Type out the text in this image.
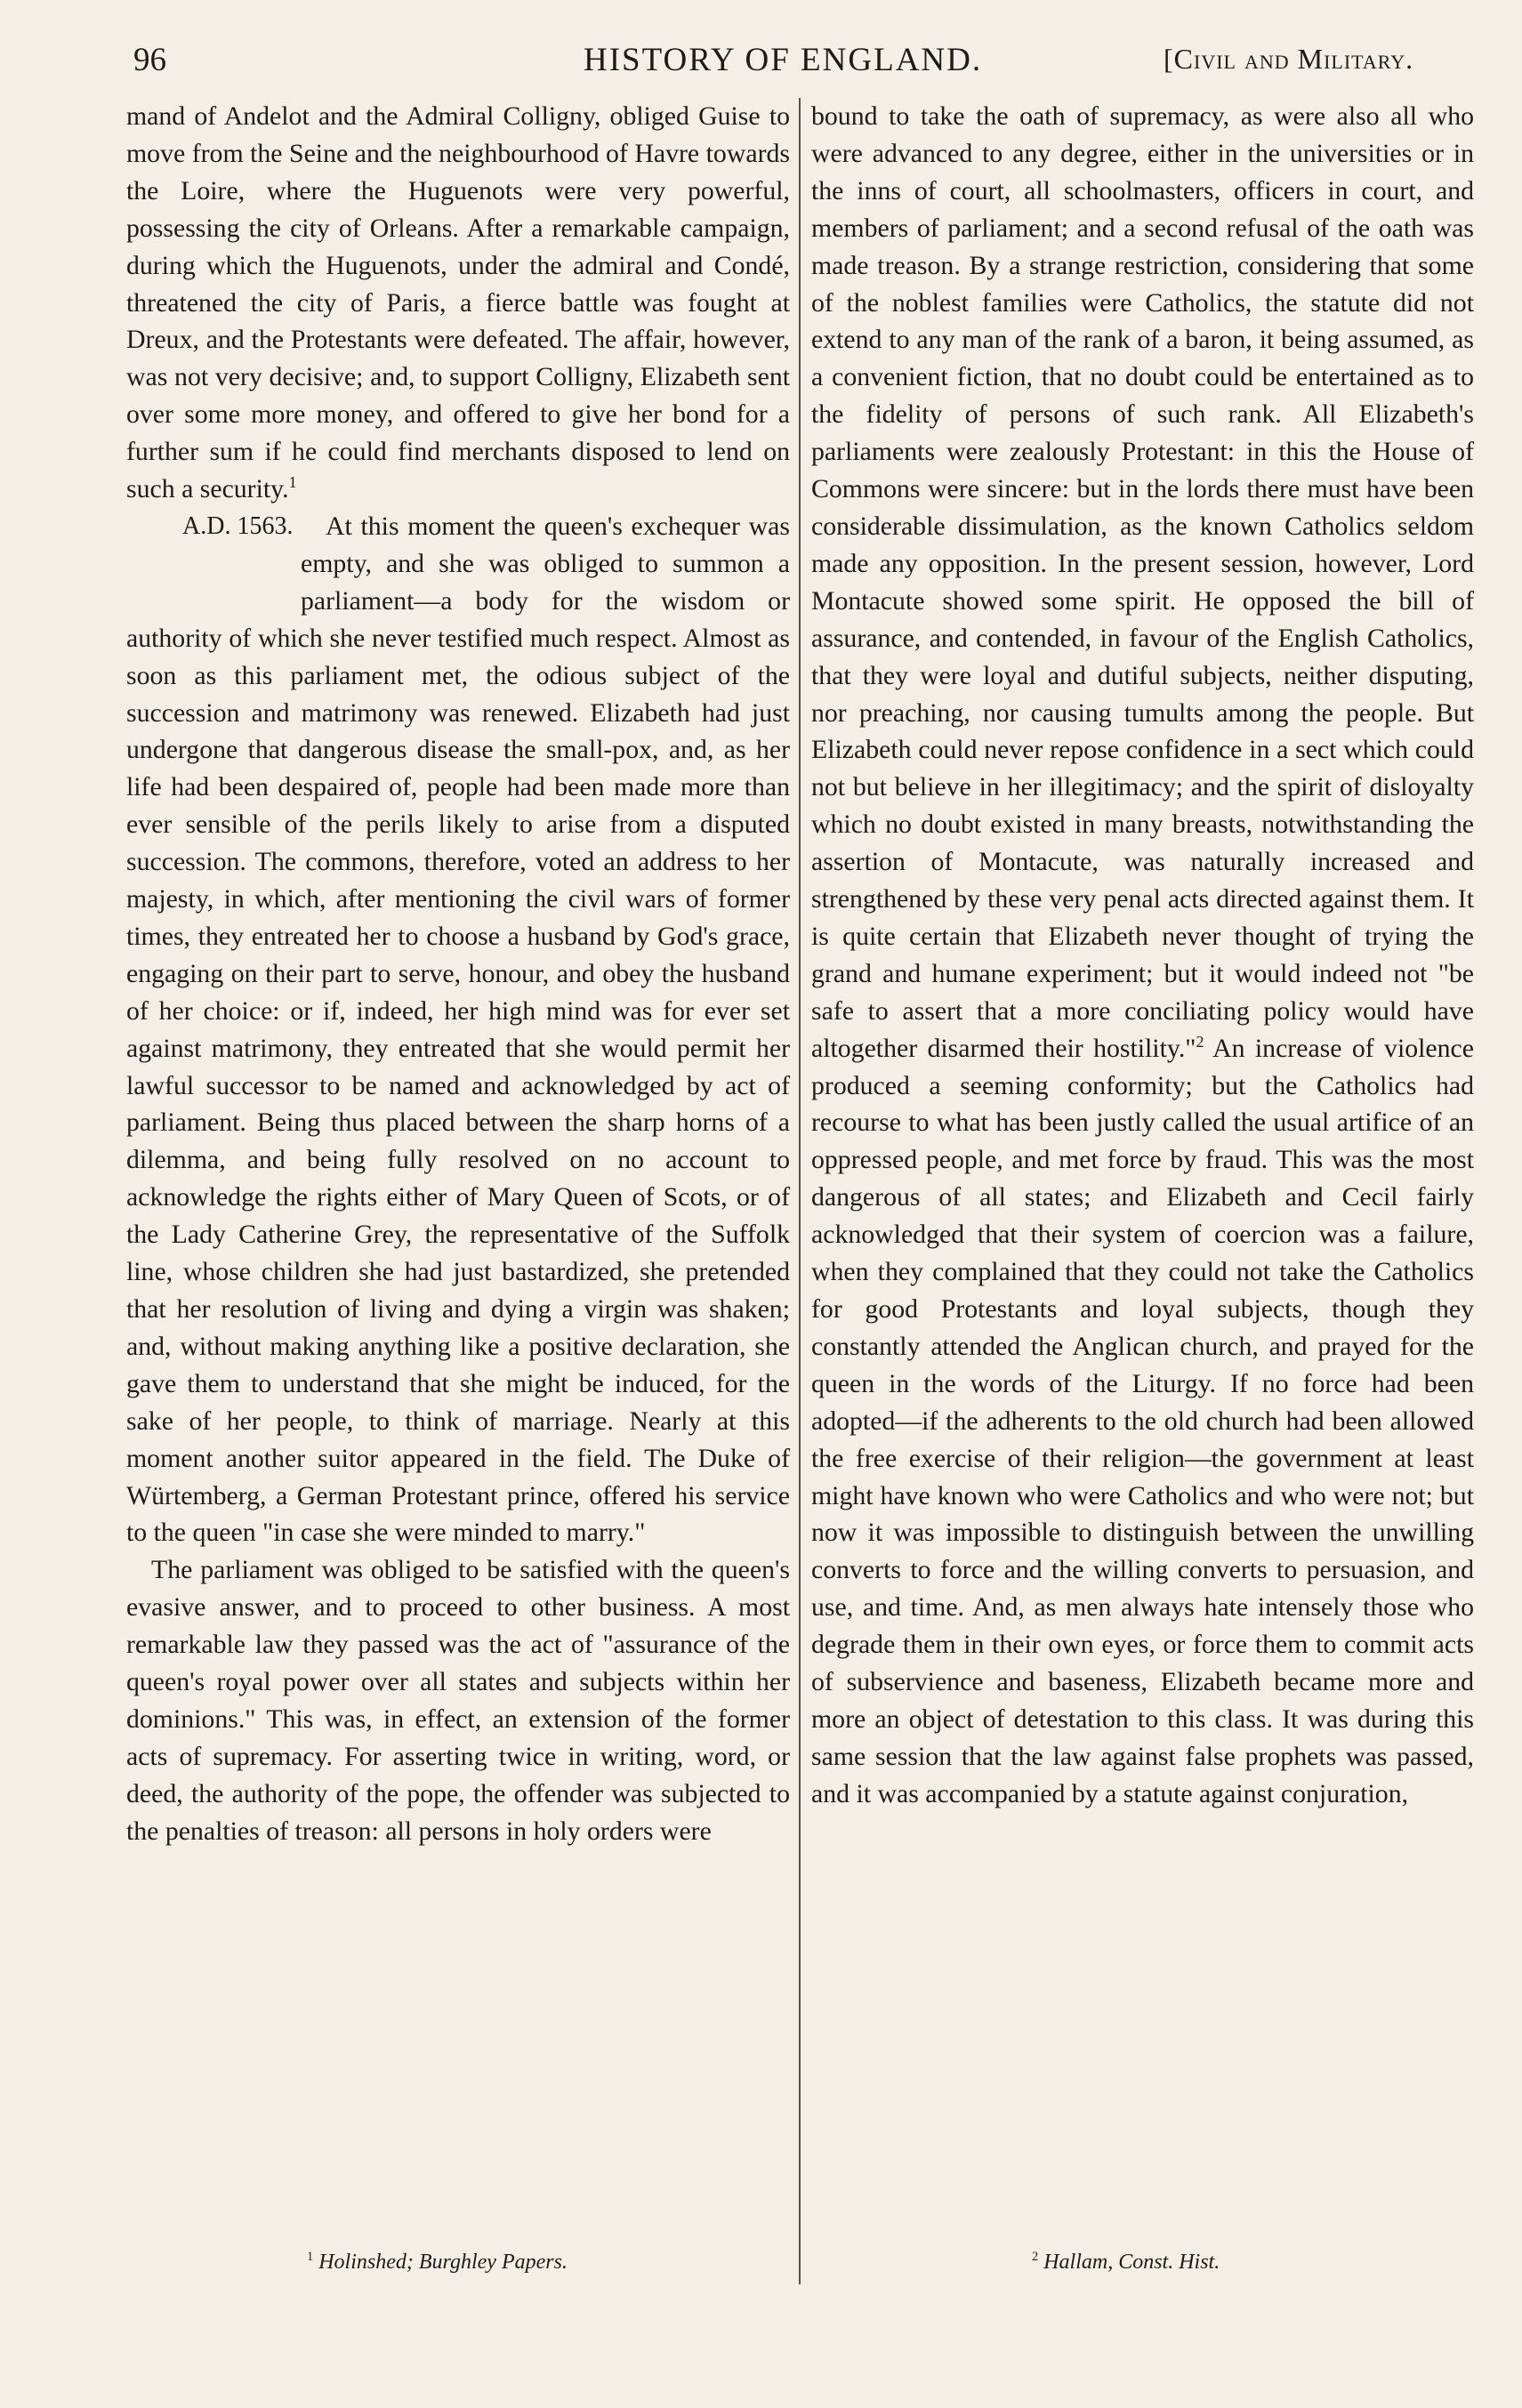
96	HISTORY OF ENGLAND.	[Civil and Military.

mand of Andelot and the Admiral Colligny, obliged Guise to move from the Seine and the neighbourhood of Havre towards the Loire, where the Huguenots were very powerful, possessing the city of Orleans. After a remarkable campaign, during which the Huguenots, under the admiral and Condé, threatened the city of Paris, a fierce battle was fought at Dreux, and the Protestants were defeated. The affair, however, was not very decisive; and, to support Colligny, Elizabeth sent over some more money, and offered to give her bond for a further sum if he could find merchants disposed to lend on such a security.$^1$

A.D. 1563. At this moment the queen's exchequer was empty, and she was obliged to summon a parliament—a body for the wisdom or authority of which she never testified much respect. Almost as soon as this parliament met, the odious subject of the succession and matrimony was renewed. Elizabeth had just undergone that dangerous disease the small-pox, and, as her life had been despaired of, people had been made more than ever sensible of the perils likely to arise from a disputed succession. The commons, therefore, voted an address to her majesty, in which, after mentioning the civil wars of former times, they entreated her to choose a husband by God's grace, engaging on their part to serve, honour, and obey the husband of her choice: or if, indeed, her high mind was for ever set against matrimony, they entreated that she would permit her lawful successor to be named and acknowledged by act of parliament. Being thus placed between the sharp horns of a dilemma, and being fully resolved on no account to acknowledge the rights either of Mary Queen of Scots, or of the Lady Catherine Grey, the representative of the Suffolk line, whose children she had just bastardized, she pretended that her resolution of living and dying a virgin was shaken; and, without making anything like a positive declaration, she gave them to understand that she might be induced, for the sake of her people, to think of marriage. Nearly at this moment another suitor appeared in the field. The Duke of Würtemberg, a German Protestant prince, offered his service to the queen "in case she were minded to marry."

The parliament was obliged to be satisfied with the queen's evasive answer, and to proceed to other business. A most remarkable law they passed was the act of "assurance of the queen's royal power over all states and subjects within her dominions." This was, in effect, an extension of the former acts of supremacy. For asserting twice in writing, word, or deed, the authority of the pope, the offender was subjected to the penalties of treason: all persons in holy orders were

bound to take the oath of supremacy, as were also all who were advanced to any degree, either in the universities or in the inns of court, all schoolmasters, officers in court, and members of parliament; and a second refusal of the oath was made treason. By a strange restriction, considering that some of the noblest families were Catholics, the statute did not extend to any man of the rank of a baron, it being assumed, as a convenient fiction, that no doubt could be entertained as to the fidelity of persons of such rank. All Elizabeth's parliaments were zealously Protestant: in this the House of Commons were sincere: but in the lords there must have been considerable dissimulation, as the known Catholics seldom made any opposition. In the present session, however, Lord Montacute showed some spirit. He opposed the bill of assurance, and contended, in favour of the English Catholics, that they were loyal and dutiful subjects, neither disputing, nor preaching, nor causing tumults among the people. But Elizabeth could never repose confidence in a sect which could not but believe in her illegitimacy; and the spirit of disloyalty which no doubt existed in many breasts, notwithstanding the assertion of Montacute, was naturally increased and strengthened by these very penal acts directed against them. It is quite certain that Elizabeth never thought of trying the grand and humane experiment; but it would indeed not "be safe to assert that a more conciliating policy would have altogether disarmed their hostility."$^2$ An increase of violence produced a seeming conformity; but the Catholics had recourse to what has been justly called the usual artifice of an oppressed people, and met force by fraud. This was the most dangerous of all states; and Elizabeth and Cecil fairly acknowledged that their system of coercion was a failure, when they complained that they could not take the Catholics for good Protestants and loyal subjects, though they constantly attended the Anglican church, and prayed for the queen in the words of the Liturgy. If no force had been adopted—if the adherents to the old church had been allowed the free exercise of their religion—the government at least might have known who were Catholics and who were not; but now it was impossible to distinguish between the unwilling converts to force and the willing converts to persuasion, and use, and time. And, as men always hate intensely those who degrade them in their own eyes, or force them to commit acts of subservience and baseness, Elizabeth became more and more an object of detestation to this class. It was during this same session that the law against false prophets was passed, and it was accompanied by a statute against conjuration,

$^1$ Holinshed; Burghley Papers.	$^2$ Hallam, Const. Hist.
